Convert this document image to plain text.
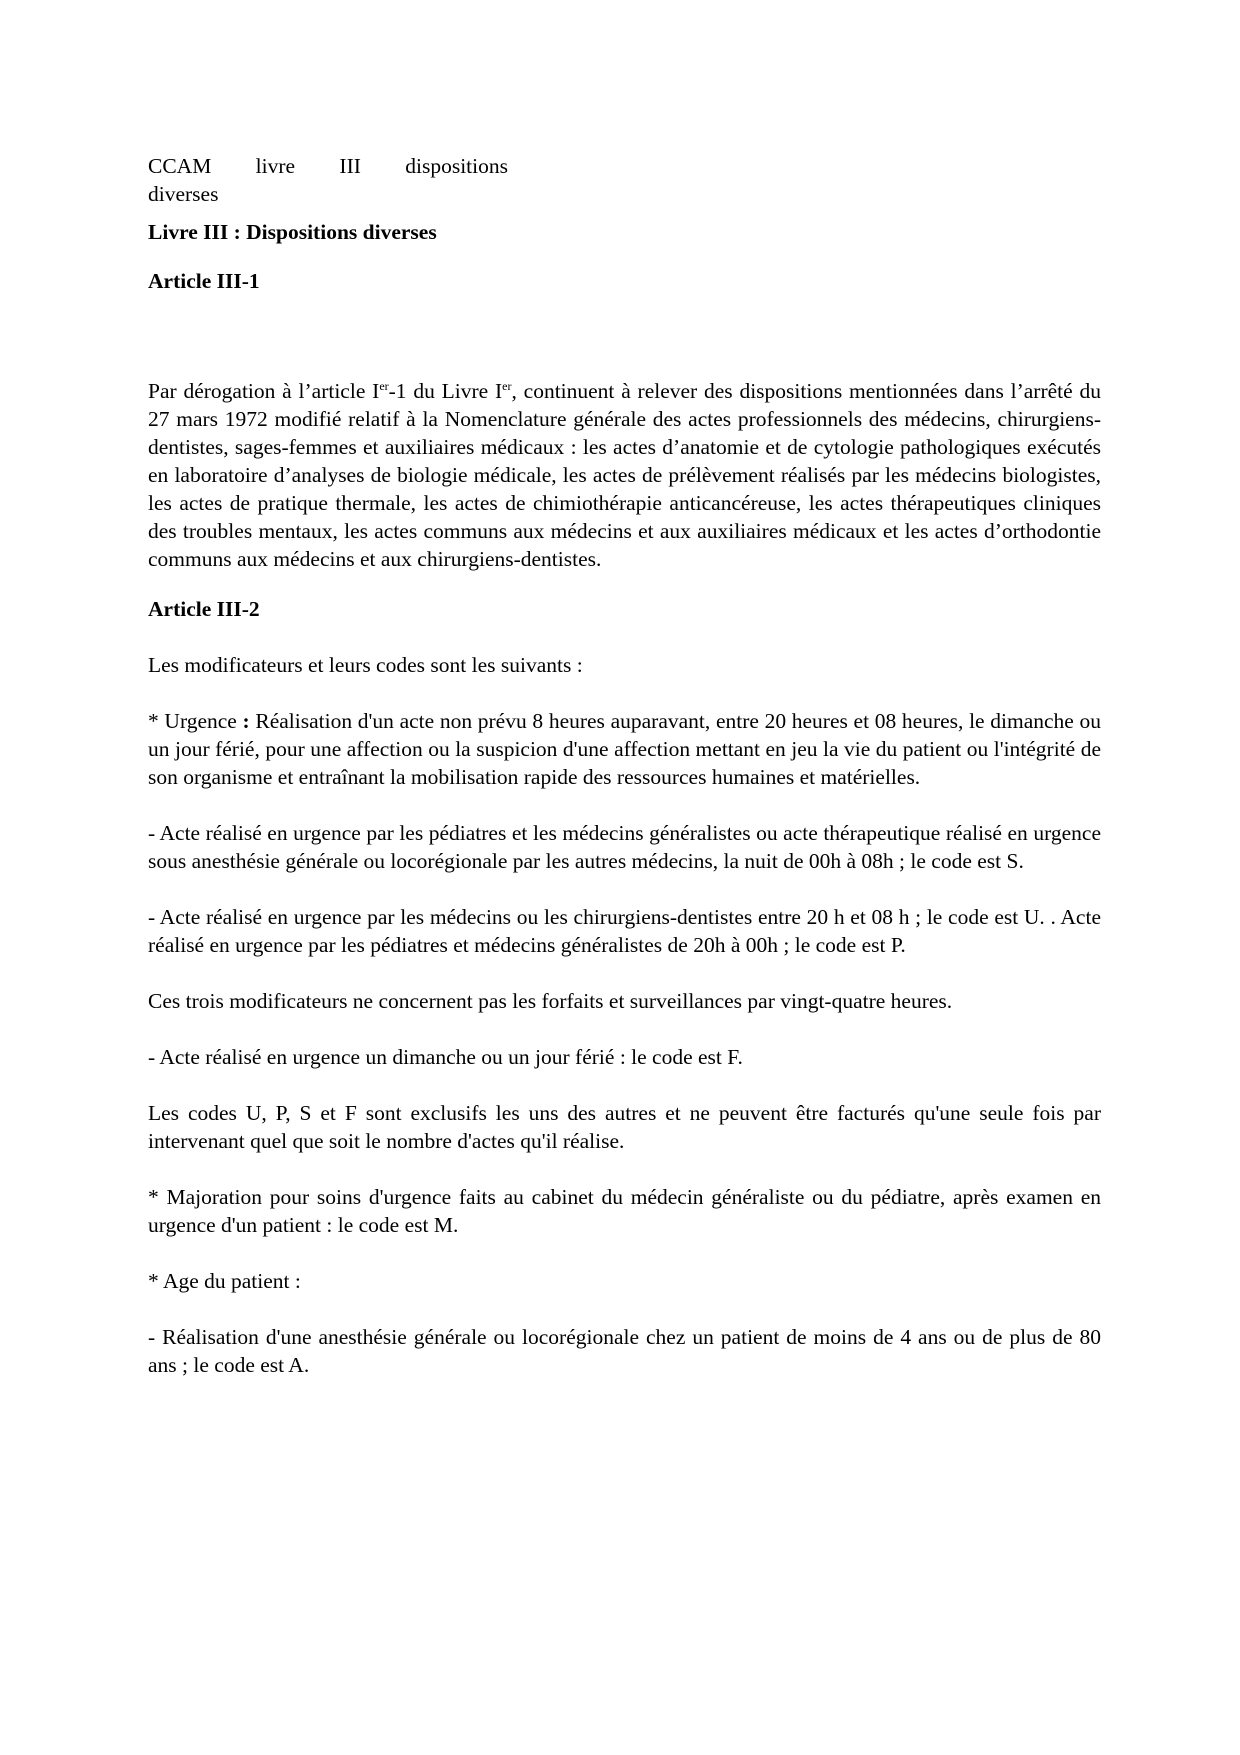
CCAM livre III dispositions
diverses
Livre III : Dispositions diverses
Article III-1

Par dérogation à l’article Ier-1 du Livre Ier, continuent à relever des dispositions mentionnées dans l’arrêté du 27 mars 1972 modifié relatif à la Nomenclature générale des actes professionnels des médecins, chirurgiens-dentistes, sages-femmes et auxiliaires médicaux : les actes d’anatomie et de cytologie pathologiques exécutés en laboratoire d’analyses de biologie médicale, les actes de prélèvement réalisés par les médecins biologistes, les actes de pratique thermale, les actes de chimiothérapie anticancéreuse, les actes thérapeutiques cliniques des troubles mentaux, les actes communs aux médecins et aux auxiliaires médicaux et les actes d’orthodontie communs aux médecins et aux chirurgiens-dentistes.

Article III-2

Les modificateurs et leurs codes sont les suivants :

* Urgence : Réalisation d'un acte non prévu 8 heures auparavant, entre 20 heures et 08 heures, le dimanche ou un jour férié, pour une affection ou la suspicion d'une affection mettant en jeu la vie du patient ou l'intégrité de son organisme et entraînant la mobilisation rapide des ressources humaines et matérielles.

- Acte réalisé en urgence par les pédiatres et les médecins généralistes ou acte thérapeutique réalisé en urgence sous anesthésie générale ou locorégionale par les autres médecins, la nuit de 00h à 08h ; le code est S.

- Acte réalisé en urgence par les médecins ou les chirurgiens-dentistes entre 20 h et 08 h ; le code est U. . Acte réalisé en urgence par les pédiatres et médecins généralistes de 20h à 00h ; le code est P.

Ces trois modificateurs ne concernent pas les forfaits et surveillances par vingt-quatre heures.

- Acte réalisé en urgence un dimanche ou un jour férié : le code est F.

Les codes U, P, S et F sont exclusifs les uns des autres et ne peuvent être facturés qu'une seule fois par intervenant quel que soit le nombre d'actes qu'il réalise.

* Majoration pour soins d'urgence faits au cabinet du médecin généraliste ou du pédiatre, après examen en urgence d'un patient : le code est M.

* Age du patient :

- Réalisation d'une anesthésie générale ou locorégionale chez un patient de moins de 4 ans ou de plus de 80 ans ; le code est A.
